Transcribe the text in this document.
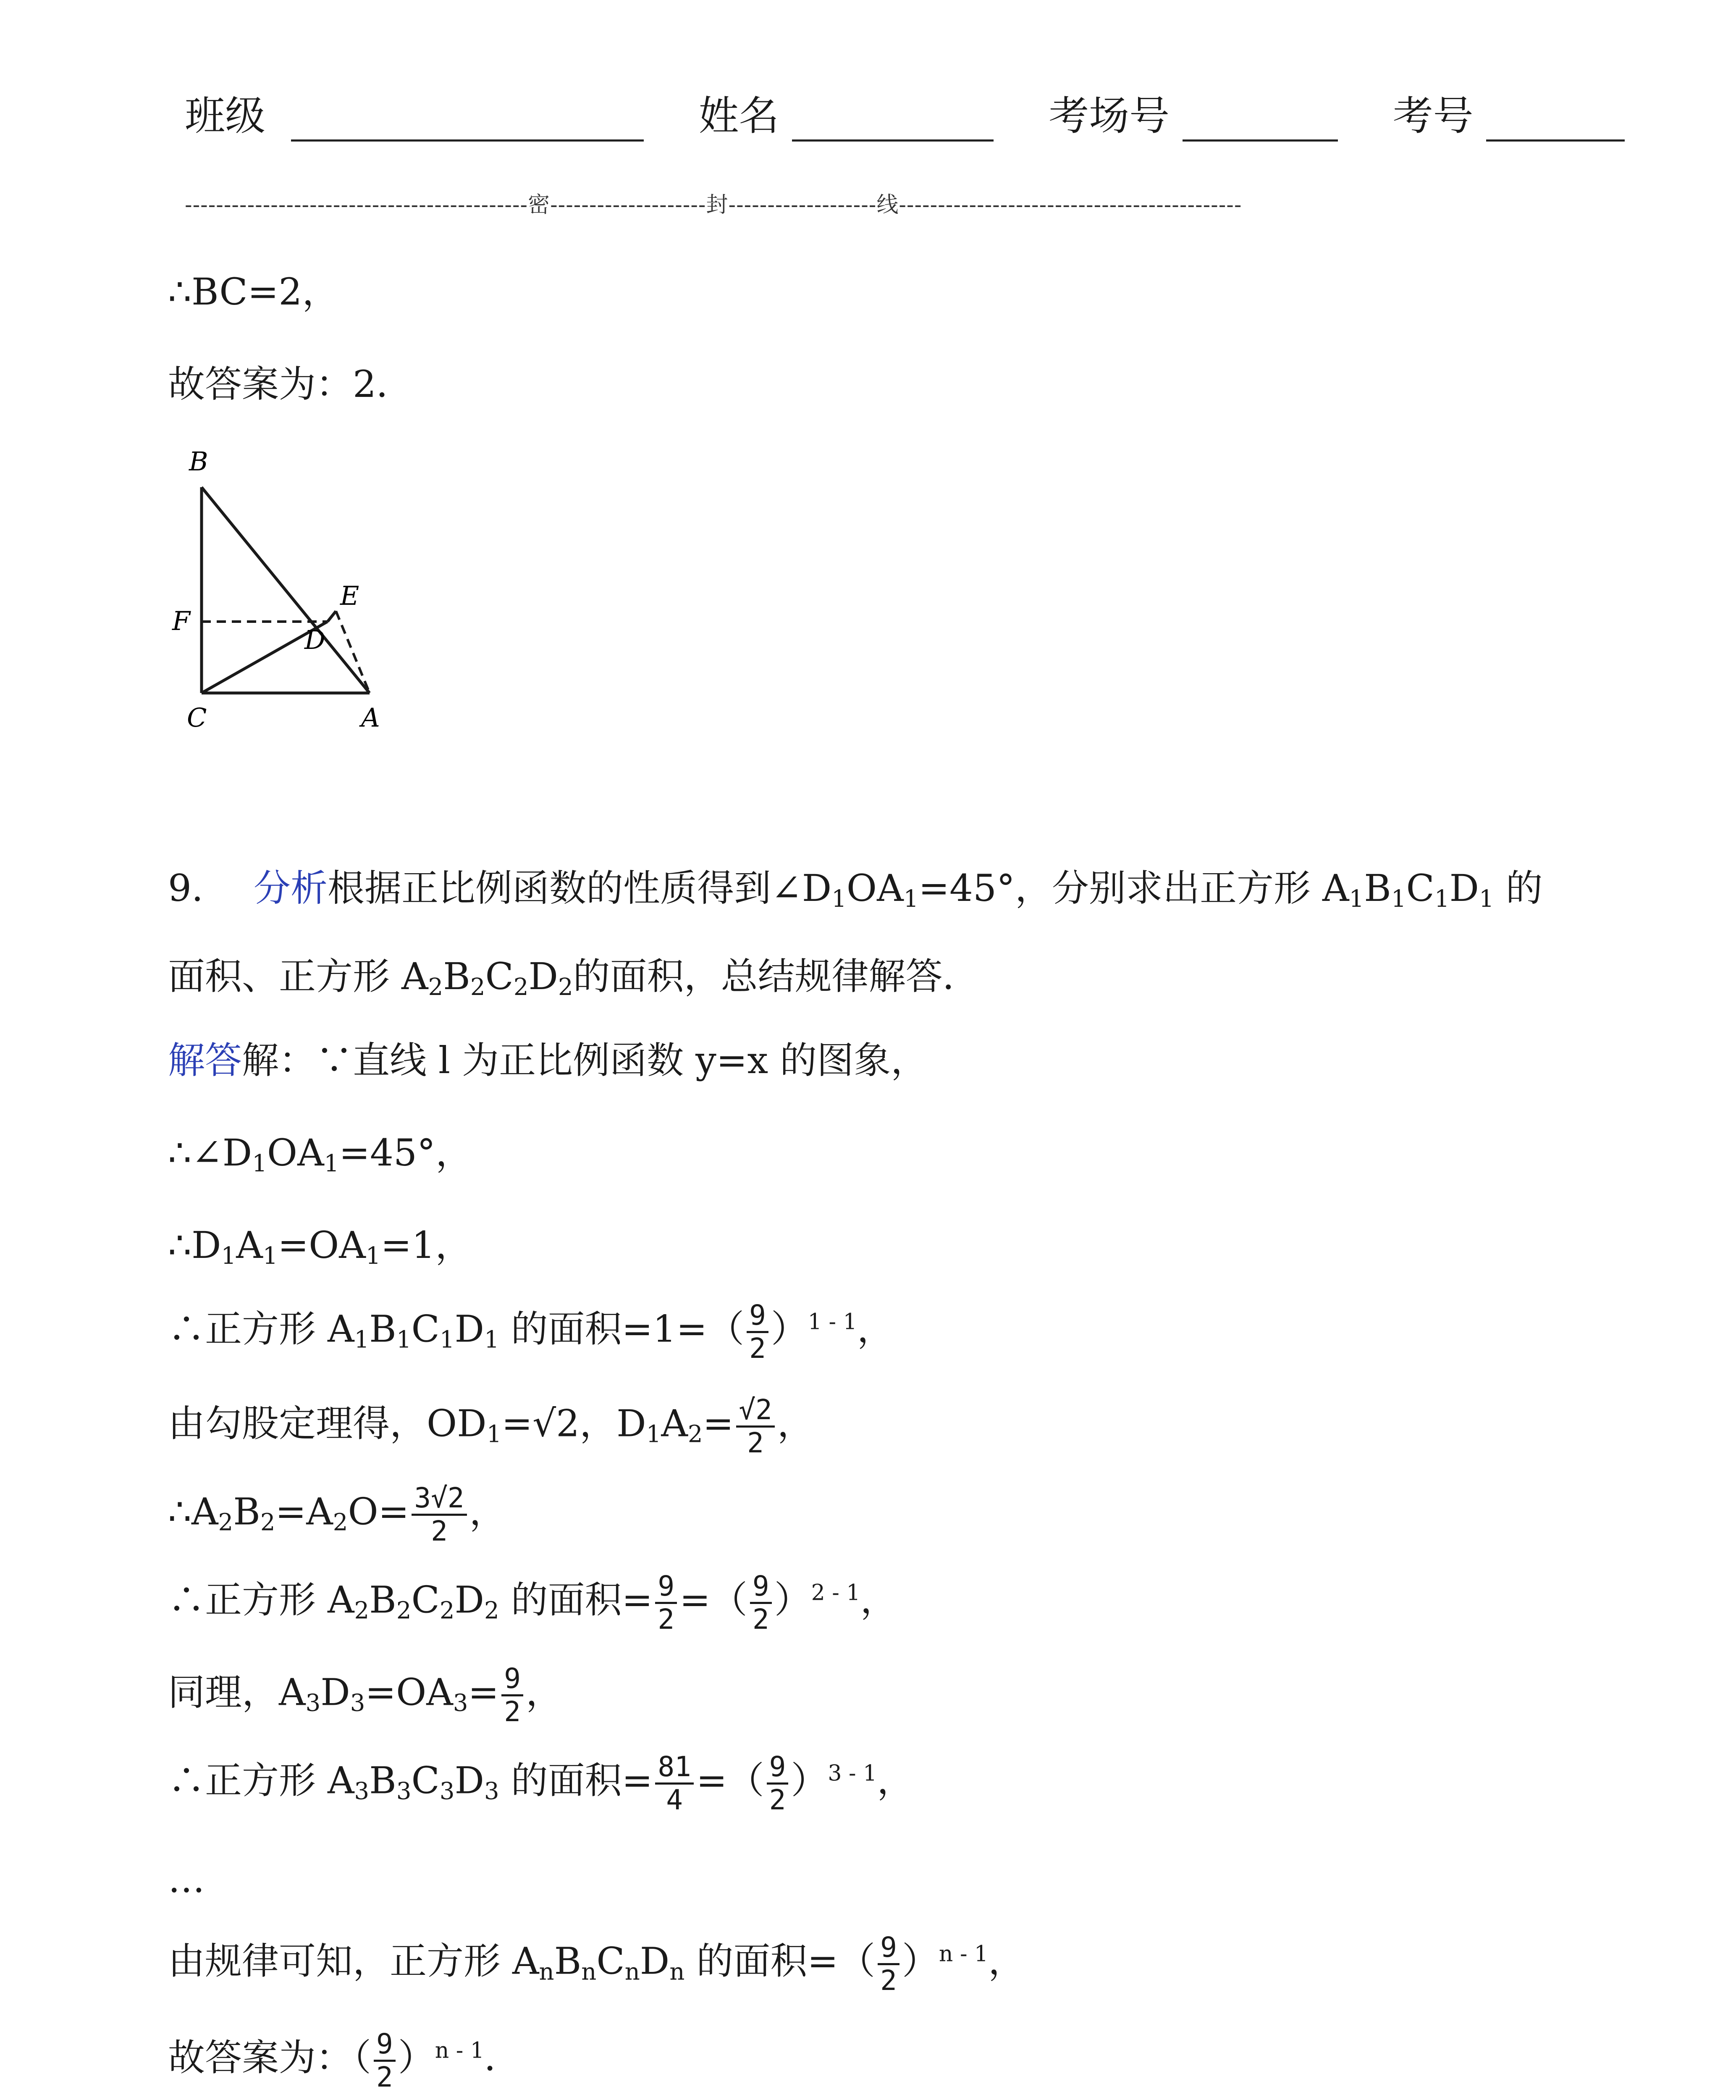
班级	姓名	考场号	考号
--------------------------------------------密--------------------封-------------------线--------------------------------------------
∴BC=2，
故答案为：2．
B
E
F
D
C	A
9. 分析根据正比例函数的性质得到$\angle D_1OA_1=45^\circ$，分别求出正方形 $A_1B_1C_1D_1$ 的
面积、正方形 $A_2B_2C_2D_2$的面积，总结规律解答．
解答解：∵直线 l 为正比例函数 y=x 的图象，
$\therefore\angle D_1OA_1=45^\circ$，
$\therefore D_1A_1=OA_1=1$，
∴正方形 $A_1B_1C_1D_1$ 的面积$=1=( \frac{9}{2} )^{1 - 1}$，
由勾股定理得，$OD_1=√2$，$D_1A_2= \frac{√2}{2}$ ，
$\therefore A_2B_2=A_2O= \frac{3√2}{2}$ ，
∴正方形 $A_2B_2C_2D_2$ 的面积= $\frac{9}{2}$ =（ $\frac{9}{2} )^{2 - 1}$，
同理，$A_3D_3=OA_3= \frac{9}{2}$ ，
∴正方形 $A_3B_3C_3D_3$ 的面积= $\frac{81}{4}$ =（ $\frac{9}{2} )^{3 - 1}$，
…
由规律可知，正方形 $A_nB_nC_nD_n$ 的面积=（ $\frac{9}{2} )^{n - 1}$，
故答案为：（ $\frac{9}{2} )^{n - 1}$．
